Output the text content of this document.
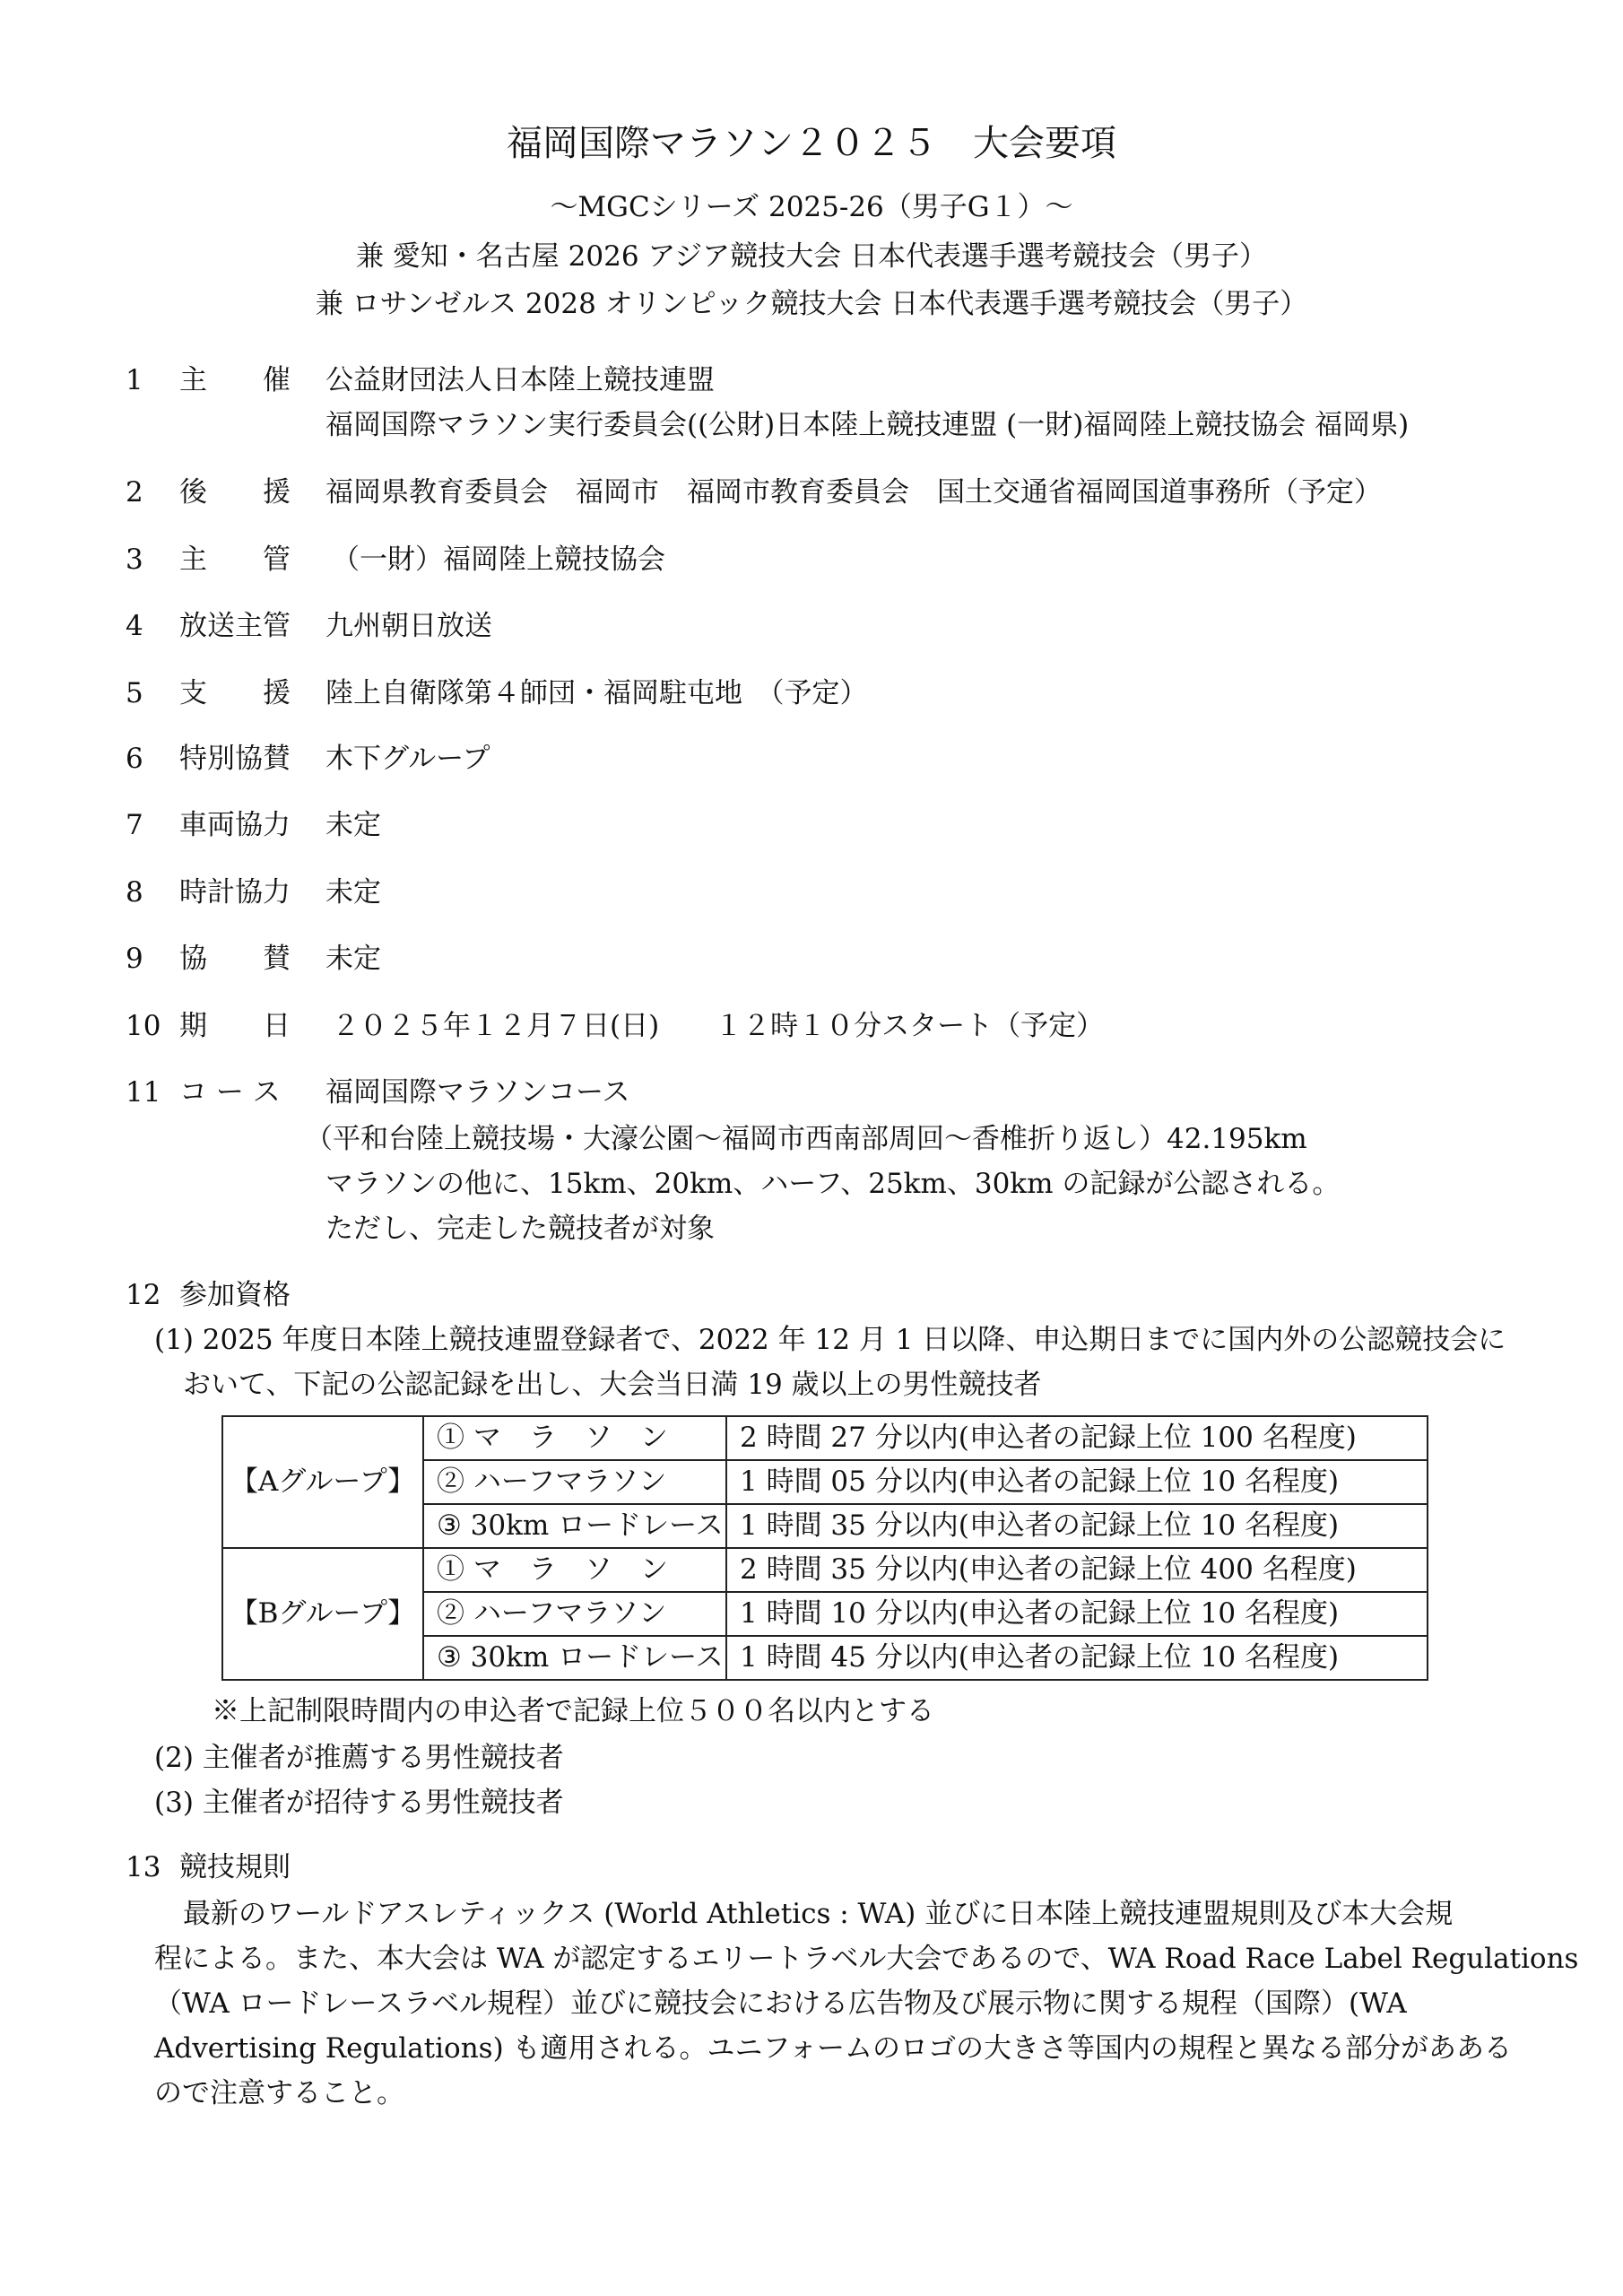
福岡国際マラソン２０２５　大会要項
～MGCシリーズ 2025-26（男子G１）～
兼 愛知・名古屋 2026 アジア競技大会 日本代表選手選考競技会（男子）
兼 ロサンゼルス 2028 オリンピック競技大会 日本代表選手選考競技会（男子）
1	主　　催 公益財団法人日本陸上競技連盟
福岡国際マラソン実行委員会((公財)日本陸上競技連盟 (一財)福岡陸上競技協会 福岡県)
2	後　　援 福岡県教育委員会　福岡市　福岡市教育委員会　国土交通省福岡国道事務所（予定）
3	主　　管 （一財）福岡陸上競技協会
4	放送主管 九州朝日放送
5	支　　援 陸上自衛隊第４師団・福岡駐屯地　（予定）
6	特別協賛 木下グループ
7	車両協力 未定
8	時計協力 未定
9	協　　賛 未定
10 期　　日 ２０２５年１２月７日(日)　　１２時１０分スタート（予定）
11 コ ー ス 福岡国際マラソンコース
（平和台陸上競技場・大濠公園～福岡市西南部周回～香椎折り返し）42.195km
マラソンの他に、15km、20km、ハーフ、25km、30km の記録が公認される。
ただし、完走した競技者が対象
12 参加資格
(1) 2025 年度日本陸上競技連盟登録者で、2022 年 12 月 1 日以降、申込期日までに国内外の公認競技会に
おいて、下記の公認記録を出し、大会当日満 19 歳以上の男性競技者
【Aグループ】	① マ　ラ　ソ　ン	2 時間 27 分以内(申込者の記録上位 100 名程度)
	② ハーフマラソン	1 時間 05 分以内(申込者の記録上位 10 名程度)
	③ 30km ロードレース	1 時間 35 分以内(申込者の記録上位 10 名程度)
【Bグループ】	① マ　ラ　ソ　ン	2 時間 35 分以内(申込者の記録上位 400 名程度)
	② ハーフマラソン	1 時間 10 分以内(申込者の記録上位 10 名程度)
	③ 30km ロードレース	1 時間 45 分以内(申込者の記録上位 10 名程度)
※上記制限時間内の申込者で記録上位５００名以内とする
(2) 主催者が推薦する男性競技者
(3) 主催者が招待する男性競技者
13 競技規則
最新のワールドアスレティックス (World Athletics : WA) 並びに日本陸上競技連盟規則及び本大会規
程による。また、本大会は WA が認定するエリートラベル大会であるので、WA Road Race Label Regulations
（WA ロードレースラベル規程）並びに競技会における広告物及び展示物に関する規程（国際）(WA
Advertising Regulations) も適用される。ユニフォームのロゴの大きさ等国内の規程と異なる部分があある
ので注意すること。
